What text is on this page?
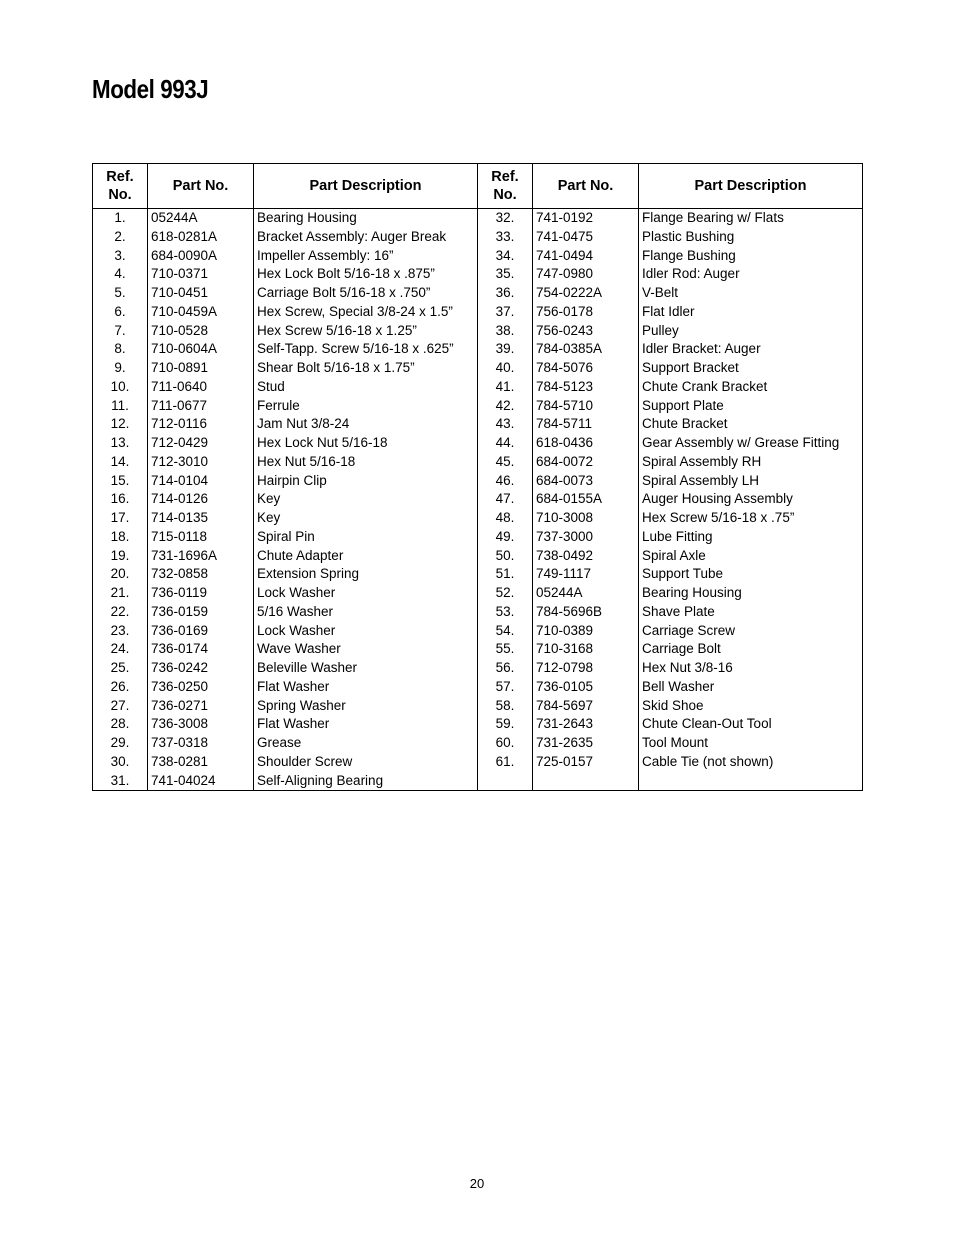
Model 993J
Ref. No.	Part No.	Part Description	Ref. No.	Part No.	Part Description
1.	05244A	Bearing Housing	32.	741-0192	Flange Bearing w/ Flats
2.	618-0281A	Bracket Assembly: Auger Break	33.	741-0475	Plastic Bushing
3.	684-0090A	Impeller Assembly: 16”	34.	741-0494	Flange Bushing
4.	710-0371	Hex Lock Bolt 5/16-18 x .875”	35.	747-0980	Idler Rod: Auger
5.	710-0451	Carriage Bolt 5/16-18 x .750”	36.	754-0222A	V-Belt
6.	710-0459A	Hex Screw, Special 3/8-24 x 1.5”	37.	756-0178	Flat Idler
7.	710-0528	Hex Screw 5/16-18 x 1.25”	38.	756-0243	Pulley
8.	710-0604A	Self-Tapp. Screw 5/16-18 x .625”	39.	784-0385A	Idler Bracket: Auger
9.	710-0891	Shear Bolt 5/16-18 x 1.75”	40.	784-5076	Support Bracket
10.	711-0640	Stud	41.	784-5123	Chute Crank Bracket
11.	711-0677	Ferrule	42.	784-5710	Support Plate
12.	712-0116	Jam Nut 3/8-24	43.	784-5711	Chute Bracket
13.	712-0429	Hex Lock Nut 5/16-18	44.	618-0436	Gear Assembly w/ Grease Fitting
14.	712-3010	Hex Nut 5/16-18	45.	684-0072	Spiral Assembly RH
15.	714-0104	Hairpin Clip	46.	684-0073	Spiral Assembly LH
16.	714-0126	Key	47.	684-0155A	Auger Housing Assembly
17.	714-0135	Key	48.	710-3008	Hex Screw 5/16-18 x .75”
18.	715-0118	Spiral Pin	49.	737-3000	Lube Fitting
19.	731-1696A	Chute Adapter	50.	738-0492	Spiral Axle
20.	732-0858	Extension Spring	51.	749-1117	Support Tube
21.	736-0119	Lock Washer	52.	05244A	Bearing Housing
22.	736-0159	5/16 Washer	53.	784-5696B	Shave Plate
23.	736-0169	Lock Washer	54.	710-0389	Carriage Screw
24.	736-0174	Wave Washer	55.	710-3168	Carriage Bolt
25.	736-0242	Beleville Washer	56.	712-0798	Hex Nut 3/8-16
26.	736-0250	Flat Washer	57.	736-0105	Bell Washer
27.	736-0271	Spring Washer	58.	784-5697	Skid Shoe
28.	736-3008	Flat Washer	59.	731-2643	Chute Clean-Out Tool
29.	737-0318	Grease	60.	731-2635	Tool Mount
30.	738-0281	Shoulder Screw	61.	725-0157	Cable Tie (not shown)
31.	741-04024	Self-Aligning Bearing			
20
